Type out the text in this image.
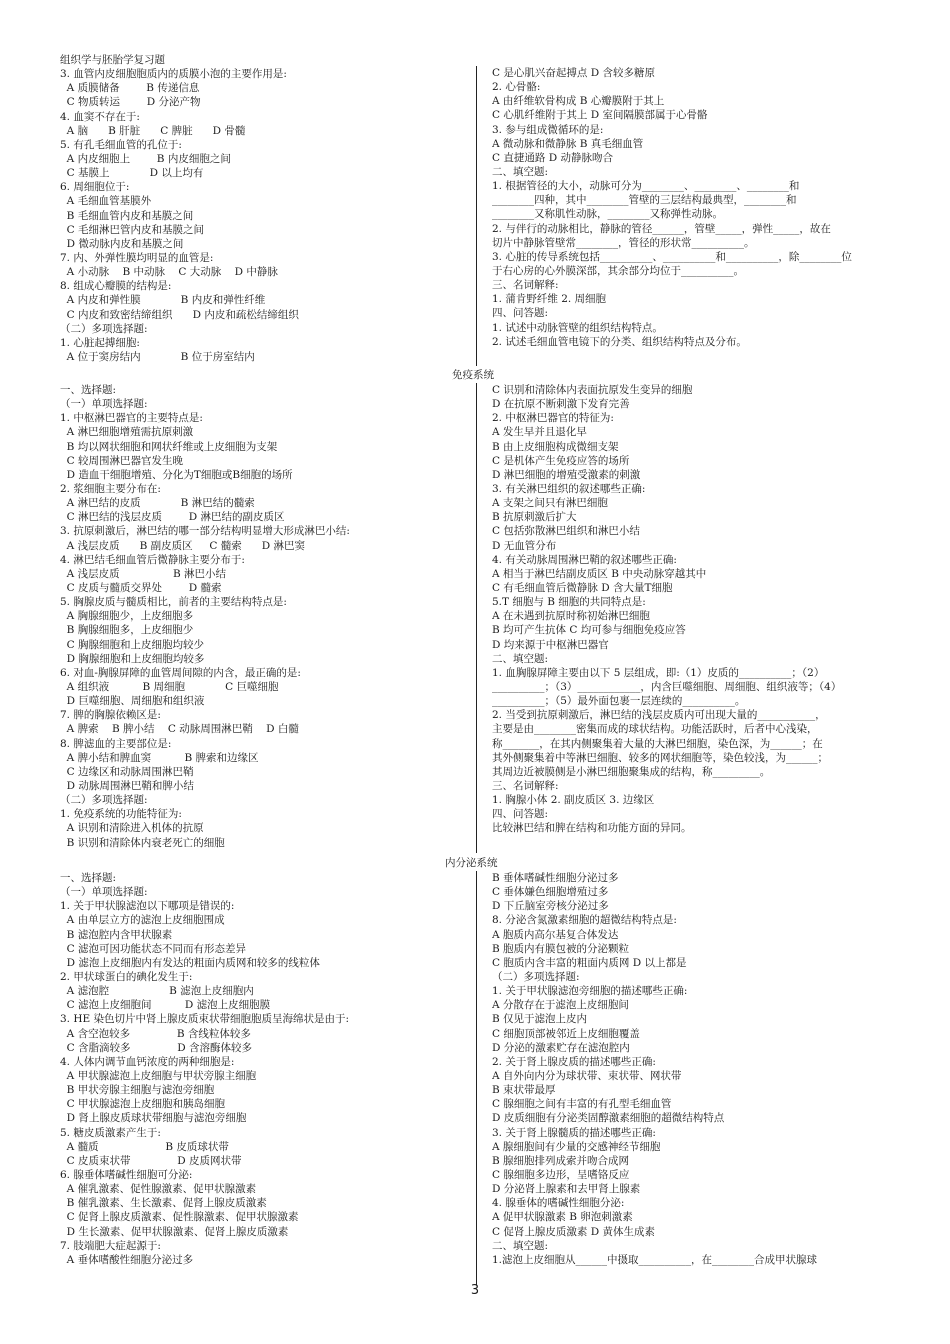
组织学与胚胎学复习题
3. 血管内皮细胞胞质内的质膜小泡的主要作用是:
A 质膜储备        B 传递信息
C 物质转运        D 分泌产物
4. 血窦不存在于:
A 脑      B 肝脏      C 脾脏      D 骨髓
5. 有孔毛细血管的孔位于:
A 内皮细胞上        B 内皮细胞之间
C 基膜上            D 以上均有
6. 周细胞位于:
A 毛细血管基膜外
B 毛细血管内皮和基膜之间
C 毛细淋巴管内皮和基膜之间
D 微动脉内皮和基膜之间
7. 内、外弹性膜均明显的血管是:
A 小动脉    B 中动脉    C 大动脉    D 中静脉
8. 组成心瓣膜的结构是:
A 内皮和弹性膜            B 内皮和弹性纤维
C 内皮和致密结缔组织      D 内皮和疏松结缔组织
（二）多项选择题:
1. 心脏起搏细胞:
A 位于窦房结内            B 位于房室结内
C 是心肌兴奋起搏点 D 含较多糖原
2. 心骨骼:
A 由纤维软骨构成 B 心瓣膜附于其上
C 心肌纤维附于其上 D 室间隔膜部属于心骨骼
3. 参与组成微循环的是:
A 微动脉和微静脉 B 真毛细血管
C 直捷通路 D 动静脉吻合
二、填空题:
1. 根据管径的大小，动脉可分为________、________、________和
________四种，其中________管壁的三层结构最典型，________和
________又称肌性动脉，________又称弹性动脉。
2. 与伴行的动脉相比，静脉的管径______，管壁_____，弹性_____，故在
切片中静脉管壁常________，管径的形状常__________。
3. 心脏的传导系统包括__________、__________和__________，除________位
于右心房的心外膜深部，其余部分均位于__________。
三、名词解释:
1. 蒲肯野纤维 2. 周细胞
四、问答题:
1. 试述中动脉管壁的组织结构特点。
2. 试述毛细血管电镜下的分类、组织结构特点及分布。
免疫系统
一、选择题:
（一）单项选择题:
1. 中枢淋巴器官的主要特点是:
A 淋巴细胞增殖需抗原刺激
B 均以网状细胞和网状纤维或上皮细胞为支架
C 较周围淋巴器官发生晚
D 造血干细胞增殖、分化为T细胞或B细胞的场所
2. 浆细胞主要分布在:
A 淋巴结的皮质            B 淋巴结的髓索
C 淋巴结的浅层皮质        D 淋巴结的副皮质区
3. 抗原刺激后，淋巴结的哪一部分结构明显增大形成淋巴小结:
A 浅层皮质      B 副皮质区     C 髓索      D 淋巴窦
4. 淋巴结毛细血管后微静脉主要分布于:
A 浅层皮质                B 淋巴小结
C 皮质与髓质交界处        D 髓索
5. 胸腺皮质与髓质相比，前者的主要结构特点是:
A 胸腺细胞少，上皮细胞多
B 胸腺细胞多，上皮细胞少
C 胸腺细胞和上皮细胞均较少
D 胸腺细胞和上皮细胞均较多
6. 对血-胸腺屏障的血管周间隙的内含，最正确的是:
A 组织液          B 周细胞            C 巨噬细胞
D 巨噬细胞、周细胞和组织液
7. 脾的胸腺依赖区是:
A 脾索    B 脾小结    C 动脉周围淋巴鞘    D 白髓
8. 脾滤血的主要部位是:
A 脾小结和脾血窦          B 脾索和边缘区
C 边缘区和动脉周围淋巴鞘
D 动脉周围淋巴鞘和脾小结
（二）多项选择题:
1. 免疫系统的功能特征为:
A 识别和清除进入机体的抗原
B 识别和清除体内衰老死亡的细胞
C 识别和清除体内表面抗原发生变异的细胞
D 在抗原不断刺激下发育完善
2. 中枢淋巴器官的特征为:
A 发生早并且退化早
B 由上皮细胞构成微细支架
C 是机体产生免疫应答的场所
D 淋巴细胞的增殖受激素的刺激
3. 有关淋巴组织的叙述哪些正确:
A 支架之间只有淋巴细胞
B 抗原刺激后扩大
C 包括弥散淋巴组织和淋巴小结
D 无血管分布
4. 有关动脉周围淋巴鞘的叙述哪些正确:
A 相当于淋巴结副皮质区 B 中央动脉穿越其中
C 有毛细血管后微静脉 D 含大量T细胞
5.T 细胞与 B 细胞的共同特点是:
A 在未遇到抗原时称初始淋巴细胞
B 均可产生抗体 C 均可参与细胞免疫应答
D 均来源于中枢淋巴器官
二、填空题:
1. 血胸腺屏障主要由以下 5 层组成，即:（1）皮质的__________；（2）
__________；（3）____________，内含巨噬细胞、周细胞、组织液等；（4）
__________；（5）最外面包裹一层连续的__________。
2. 当受到抗原刺激后，淋巴结的浅层皮质内可出现大量的___________，
主要是由________密集而成的球状结构。功能活跃时，后者中心浅染，
称_______，在其内侧聚集着大量的大淋巴细胞，染色深，为______；在
其外侧聚集着中等淋巴细胞、较多的网状细胞等，染色较浅，为______；
其周边近被膜侧是小淋巴细胞聚集成的结构，称_________。
三、名词解释:
1. 胸腺小体 2. 副皮质区 3. 边缘区
四、问答题:
比较淋巴结和脾在结构和功能方面的异同。
内分泌系统
一、选择题:
（一）单项选择题:
1. 关于甲状腺滤泡以下哪项是错误的:
A 由单层立方的滤泡上皮细胞围成
B 滤泡腔内含甲状腺素
C 滤泡可因功能状态不同而有形态差异
D 滤泡上皮细胞内有发达的粗面内质网和较多的线粒体
2. 甲状球蛋白的碘化发生于:
A 滤泡腔                  B 滤泡上皮细胞内
C 滤泡上皮细胞间          D 滤泡上皮细胞膜
3. HE 染色切片中肾上腺皮质束状带细胞胞质呈海绵状是由于:
A 含空泡较多              B 含线粒体较多
C 含脂滴较多              D 含溶酶体较多
4. 人体内调节血钙浓度的两种细胞是:
A 甲状腺滤泡上皮细胞与甲状旁腺主细胞
B 甲状旁腺主细胞与滤泡旁细胞
C 甲状腺滤泡上皮细胞和胰岛细胞
D 肾上腺皮质球状带细胞与滤泡旁细胞
5. 糖皮质激素产生于:
A 髓质                    B 皮质球状带
C 皮质束状带              D 皮质网状带
6. 腺垂体嗜碱性细胞可分泌:
A 催乳激素、促性腺激素、促甲状腺激素
B 催乳激素、生长激素、促肾上腺皮质激素
C 促肾上腺皮质激素、促性腺激素、促甲状腺激素
D 生长激素、促甲状腺激素、促肾上腺皮质激素
7. 肢端肥大症起源于:
A 垂体嗜酸性细胞分泌过多
B 垂体嗜碱性细胞分泌过多
C 垂体嫌色细胞增殖过多
D 下丘脑室旁核分泌过多
8. 分泌含氮激素细胞的超微结构特点是:
A 胞质内高尔基复合体发达
B 胞质内有膜包被的分泌颗粒
C 胞质内含丰富的粗面内质网 D 以上都是
（二）多项选择题:
1. 关于甲状腺滤泡旁细胞的描述哪些正确:
A 分散存在于滤泡上皮细胞间
B 仅见于滤泡上皮内
C 细胞顶部被邻近上皮细胞覆盖
D 分泌的激素贮存在滤泡腔内
2. 关于肾上腺皮质的描述哪些正确:
A 自外向内分为球状带、束状带、网状带
B 束状带最厚
C 腺细胞之间有丰富的有孔型毛细血管
D 皮质细胞有分泌类固醇激素细胞的超微结构特点
3. 关于肾上腺髓质的描述哪些正确:
A 腺细胞间有少量的交感神经节细胞
B 腺细胞排列成索并吻合成网
C 腺细胞多边形，呈嗜铬反应
D 分泌肾上腺素和去甲肾上腺素
4. 腺垂体的嗜碱性细胞分泌:
A 促甲状腺激素 B 卵泡刺激素
C 促肾上腺皮质激素 D 黄体生成素
二、填空题:
1.滤泡上皮细胞从______中摄取__________，在________合成甲状腺球
3
